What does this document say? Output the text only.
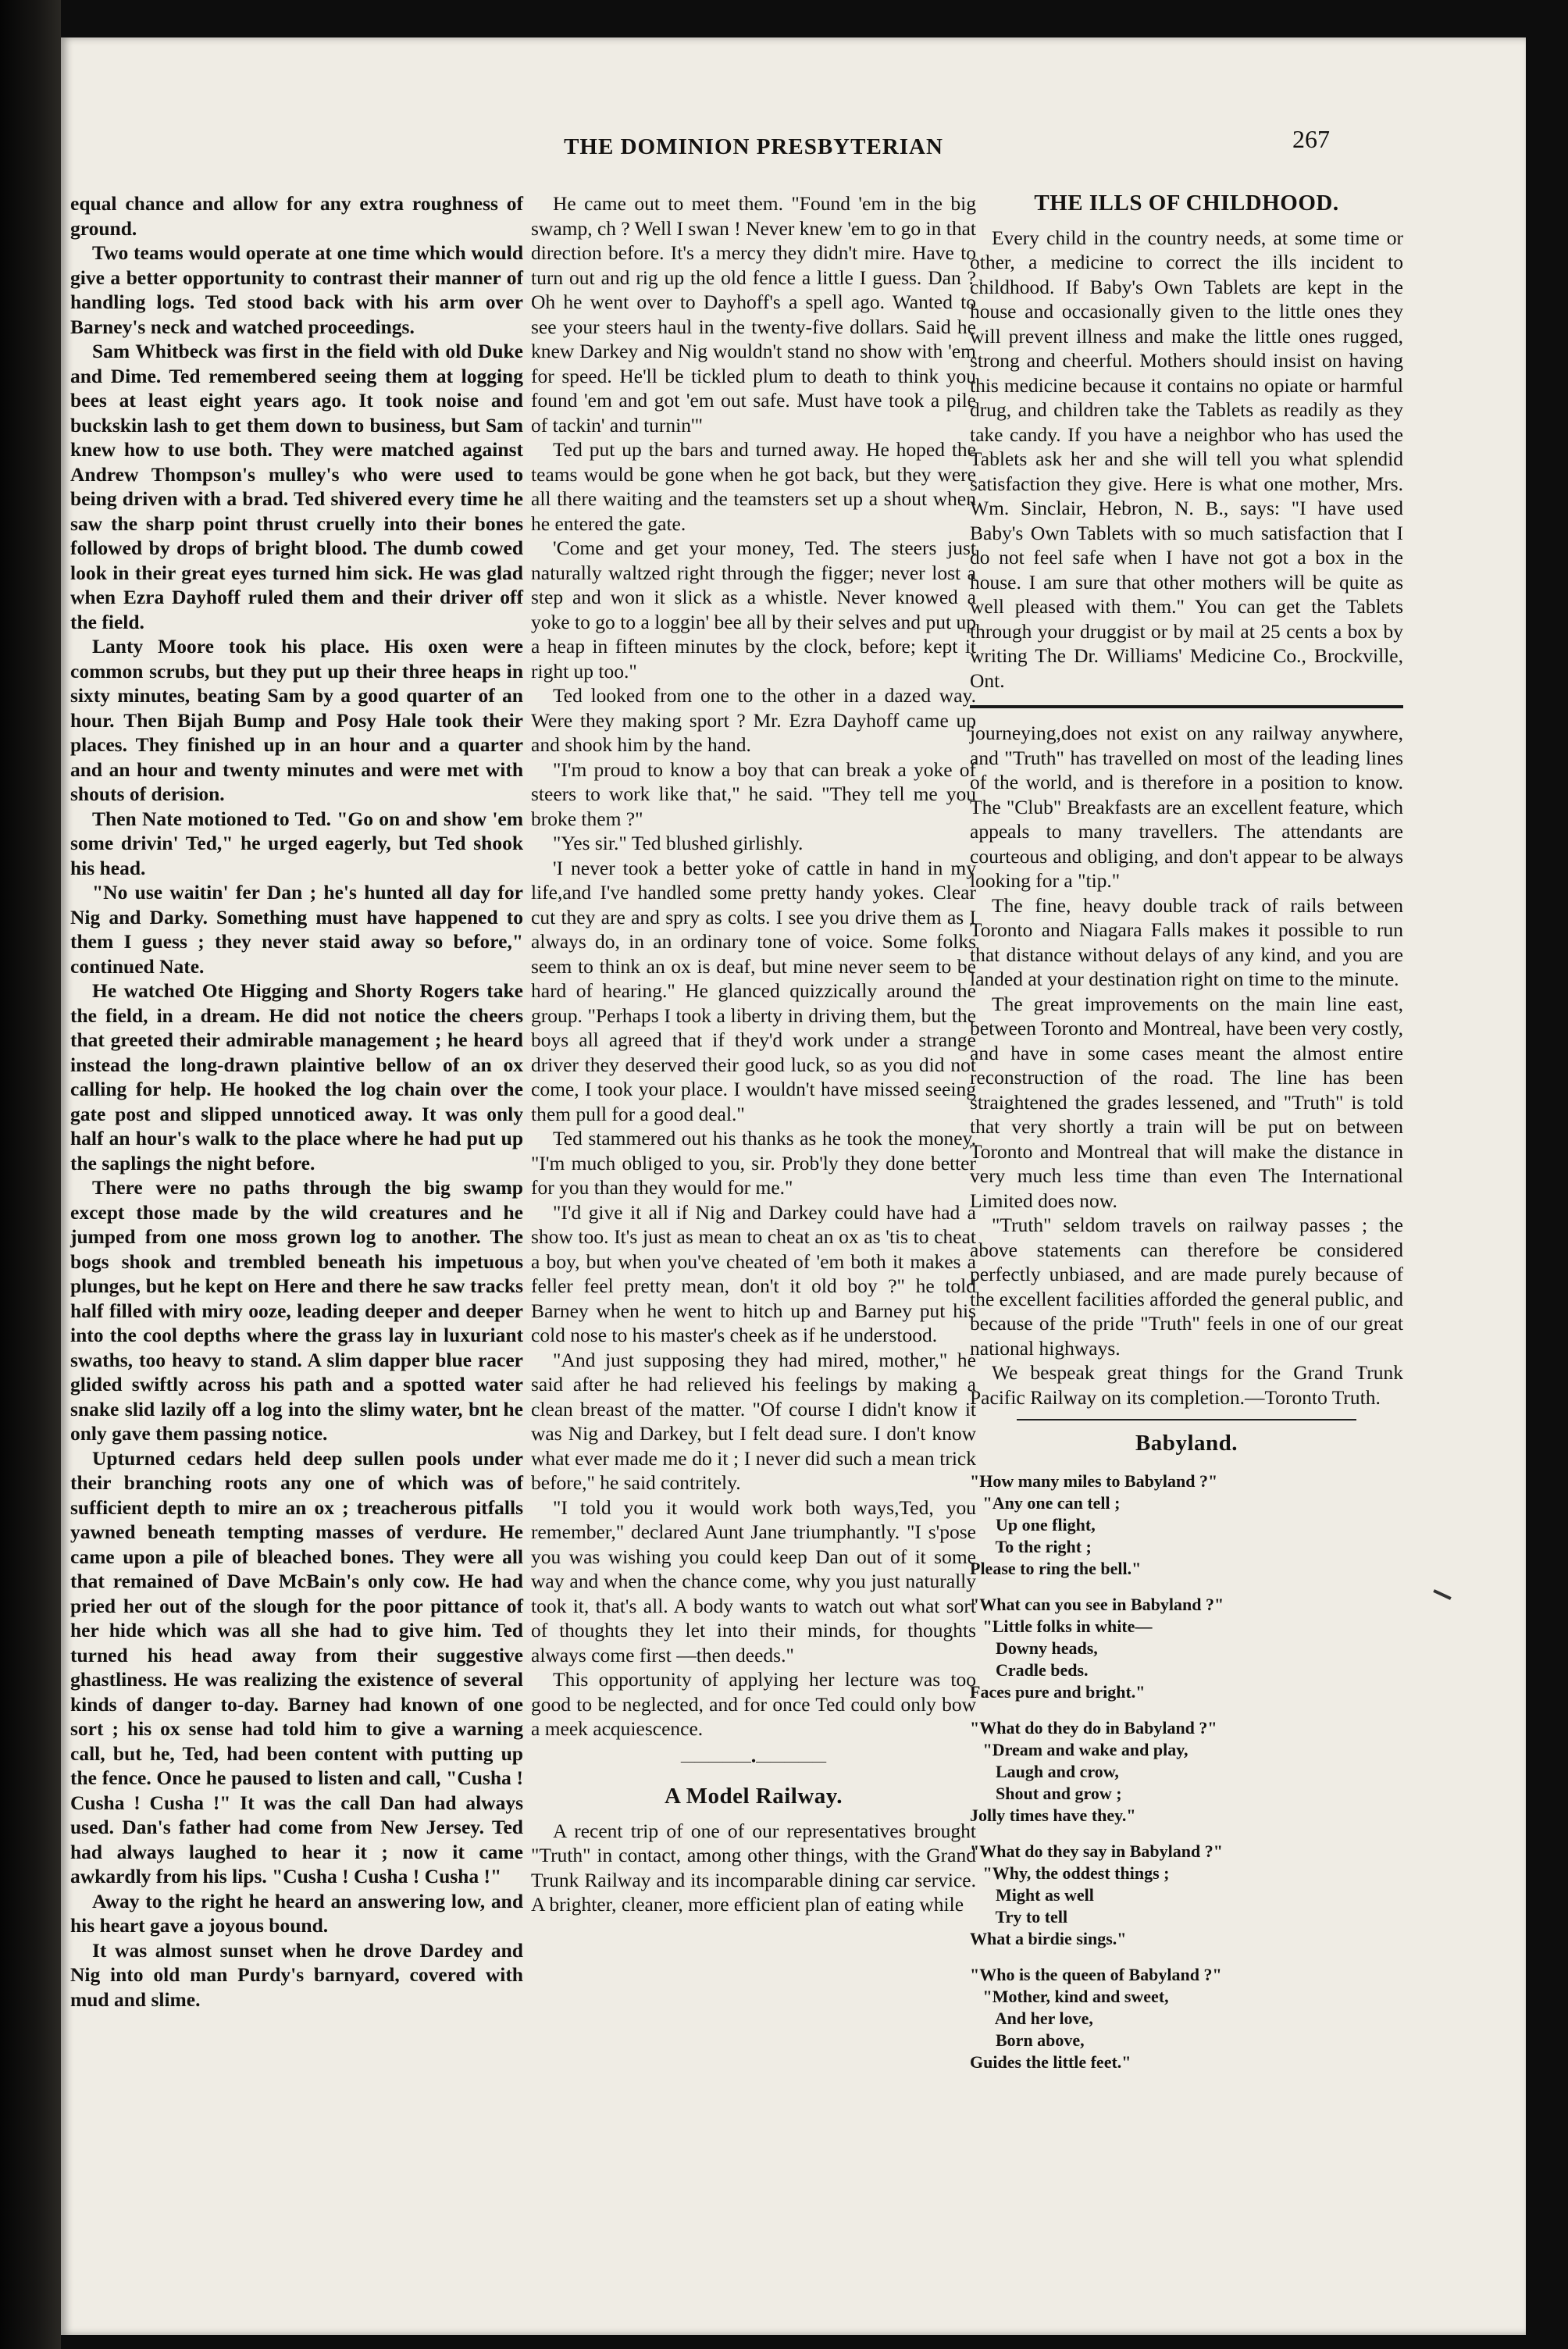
THE DOMINION PRESBYTERIAN	267

equal chance and allow for any extra roughness of ground.

Two teams would operate at one time which would give a better opportunity to contrast their manner of handling logs. Ted stood back with his arm over Barney's neck and watched proceedings.

Sam Whitbeck was first in the field with old Duke and Dime. Ted remembered seeing them at logging bees at least eight years ago. It took noise and buckskin lash to get them down to business, but Sam knew how to use both. They were matched against Andrew Thompson's mulley's who were used to being driven with a brad. Ted shivered every time he saw the sharp point thrust cruelly into their bones followed by drops of bright blood. The dumb cowed look in their great eyes turned him sick. He was glad when Ezra Dayhoff ruled them and their driver off the field.

Lanty Moore took his place. His oxen were common scrubs, but they put up their three heaps in sixty minutes, beating Sam by a good quarter of an hour. Then Bijah Bump and Posy Hale took their places. They finished up in an hour and a quarter and an hour and twenty minutes and were met with shouts of derision.

Then Nate motioned to Ted. "Go on and show 'em some drivin' Ted," he urged eagerly, but Ted shook his head.

"No use waitin' fer Dan ; he's hunted all day for Nig and Darky. Something must have happened to them I guess ; they never staid away so before," continued Nate.

He watched Ote Higging and Shorty Rogers take the field, in a dream. He did not notice the cheers that greeted their admirable management ; he heard instead the long-drawn plaintive bellow of an ox calling for help. He hooked the log chain over the gate post and slipped unnoticed away. It was only half an hour's walk to the place where he had put up the saplings the night before.

There were no paths through the big swamp except those made by the wild creatures and he jumped from one moss grown log to another. The bogs shook and trembled beneath his impetuous plunges, but he kept on Here and there he saw tracks half filled with miry ooze, leading deeper and deeper into the cool depths where the grass lay in luxuriant swaths, too heavy to stand. A slim dapper blue racer glided swiftly across his path and a spotted water snake slid lazily off a log into the slimy water, bnt he only gave them passing notice.

Upturned cedars held deep sullen pools under their branching roots any one of which was of sufficient depth to mire an ox ; treacherous pitfalls yawned beneath tempting masses of verdure. He came upon a pile of bleached bones. They were all that remained of Dave McBain's only cow. He had pried her out of the slough for the poor pittance of her hide which was all she had to give him. Ted turned his head away from their suggestive ghastliness. He was realizing the existence of several kinds of danger to-day. Barney had known of one sort ; his ox sense had told him to give a warning call, but he, Ted, had been content with putting up the fence. Once he paused to listen and call, "Cusha ! Cusha ! Cusha !" It was the call Dan had always used. Dan's father had come from New Jersey. Ted had always laughed to hear it ; now it came awkardly from his lips. "Cusha ! Cusha ! Cusha !"

Away to the right he heard an answering low, and his heart gave a joyous bound.

It was almost sunset when he drove Dardey and Nig into old man Purdy's barnyard, covered with mud and slime.

He came out to meet them. "Found 'em in the big swamp, ch ? Well I swan ! Never knew 'em to go in that direction before. It's a mercy they didn't mire. Have to turn out and rig up the old fence a little I guess. Dan ? Oh he went over to Dayhoff's a spell ago. Wanted to see your steers haul in the twenty-five dollars. Said he knew Darkey and Nig wouldn't stand no show with 'em for speed. He'll be tickled plum to death to think you found 'em and got 'em out safe. Must have took a pile of tackin' and turnin'"

Ted put up the bars and turned away. He hoped the teams would be gone when he got back, but they were all there waiting and the teamsters set up a shout when he entered the gate.

'Come and get your money, Ted. The steers just naturally waltzed right through the figger; never lost a step and won it slick as a whistle. Never knowed a yoke to go to a loggin' bee all by their selves and put up a heap in fifteen minutes by the clock, before; kept it right up too."

Ted looked from one to the other in a dazed way. Were they making sport ? Mr. Ezra Dayhoff came up and shook him by the hand.

"I'm proud to know a boy that can break a yoke of steers to work like that," he said. "They tell me you broke them ?"

"Yes sir." Ted blushed girlishly.

'I never took a better yoke of cattle in hand in my life,and I've handled some pretty handy yokes. Clear cut they are and spry as colts. I see you drive them as I always do, in an ordinary tone of voice. Some folks seem to think an ox is deaf, but mine never seem to be hard of hearing." He glanced quizzically around the group. "Perhaps I took a liberty in driving them, but the boys all agreed that if they'd work under a strange driver they deserved their good luck, so as you did not come, I took your place. I wouldn't have missed seeing them pull for a good deal."

Ted stammered out his thanks as he took the money. "I'm much obliged to you, sir. Prob'ly they done better for you than they would for me."

"I'd give it all if Nig and Darkey could have had a show too. It's just as mean to cheat an ox as 'tis to cheat a boy, but when you've cheated of 'em both it makes a feller feel pretty mean, don't it old boy ?" he told Barney when he went to hitch up and Barney put his cold nose to his master's cheek as if he understood.

"And just supposing they had mired, mother," he said after he had relieved his feelings by making a clean breast of the matter. "Of course I didn't know it was Nig and Darkey, but I felt dead sure. I don't know what ever made me do it ; I never did such a mean trick before," he said contritely.

"I told you it would work both ways,Ted, you remember," declared Aunt Jane triumphantly. "I s'pose you was wishing you could keep Dan out of it some way and when the chance come, why you just naturally took it, that's all. A body wants to watch out what sort of thoughts they let into their minds, for thoughts always come first —then deeds."

This opportunity of applying her lecture was too good to be neglected, and for once Ted could only bow a meek acquiescence.

—————•—————
A Model Railway.

A recent trip of one of our representatives brought "Truth" in contact, among other things, with the Grand Trunk Railway and its incomparable dining car service. A brighter, cleaner, more efficient plan of eating while

THE ILLS OF CHILDHOOD.

Every child in the country needs, at some time or other, a medicine to correct the ills incident to childhood. If Baby's Own Tablets are kept in the house and occasionally given to the little ones they will prevent illness and make the little ones rugged, strong and cheerful. Mothers should insist on having this medicine because it contains no opiate or harmful drug, and children take the Tablets as readily as they take candy. If you have a neighbor who has used the Tablets ask her and she will tell you what splendid satisfaction they give. Here is what one mother, Mrs. Wm. Sinclair, Hebron, N. B., says: "I have used Baby's Own Tablets with so much satisfaction that I do not feel safe when I have not got a box in the house. I am sure that other mothers will be quite as well pleased with them." You can get the Tablets through your druggist or by mail at 25 cents a box by writing The Dr. Williams' Medicine Co., Brockville, Ont.

journeying,does not exist on any railway anywhere, and "Truth" has travelled on most of the leading lines of the world, and is therefore in a position to know. The "Club" Breakfasts are an excellent feature, which appeals to many travellers. The attendants are courteous and obliging, and don't appear to be always looking for a "tip."

The fine, heavy double track of rails between Toronto and Niagara Falls makes it possible to run that distance without delays of any kind, and you are landed at your destination right on time to the minute.

The great improvements on the main line east, between Toronto and Montreal, have been very costly, and have in some cases meant the almost entire reconstruction of the road. The line has been straightened the grades lessened, and "Truth" is told that very shortly a train will be put on between Toronto and Montreal that will make the distance in very much less time than even The International Limited does now.

"Truth" seldom travels on railway passes ; the above statements can therefore be considered perfectly unbiased, and are made purely because of the excellent facilities afforded the general public, and because of the pride "Truth" feels in one of our great national highways.

We bespeak great things for the Grand Trunk Pacific Railway on its completion.—Toronto Truth.

Babyland.
"How many miles to Babyland ?"
"Any one can tell ;
Up one flight,
To the right ;
Please to ring the bell."
"What can you see in Babyland ?"
"Little folks in white—
Downy heads,
Cradle beds.
Faces pure and bright."
"What do they do in Babyland ?"
"Dream and wake and play,
Laugh and crow,
Shout and grow ;
Jolly times have they."
"What do they say in Babyland ?"
"Why, the oddest things ;
Might as well
Try to tell
What a birdie sings."
"Who is the queen of Babyland ?"
"Mother, kind and sweet,
And her love,
Born above,
Guides the little feet."
